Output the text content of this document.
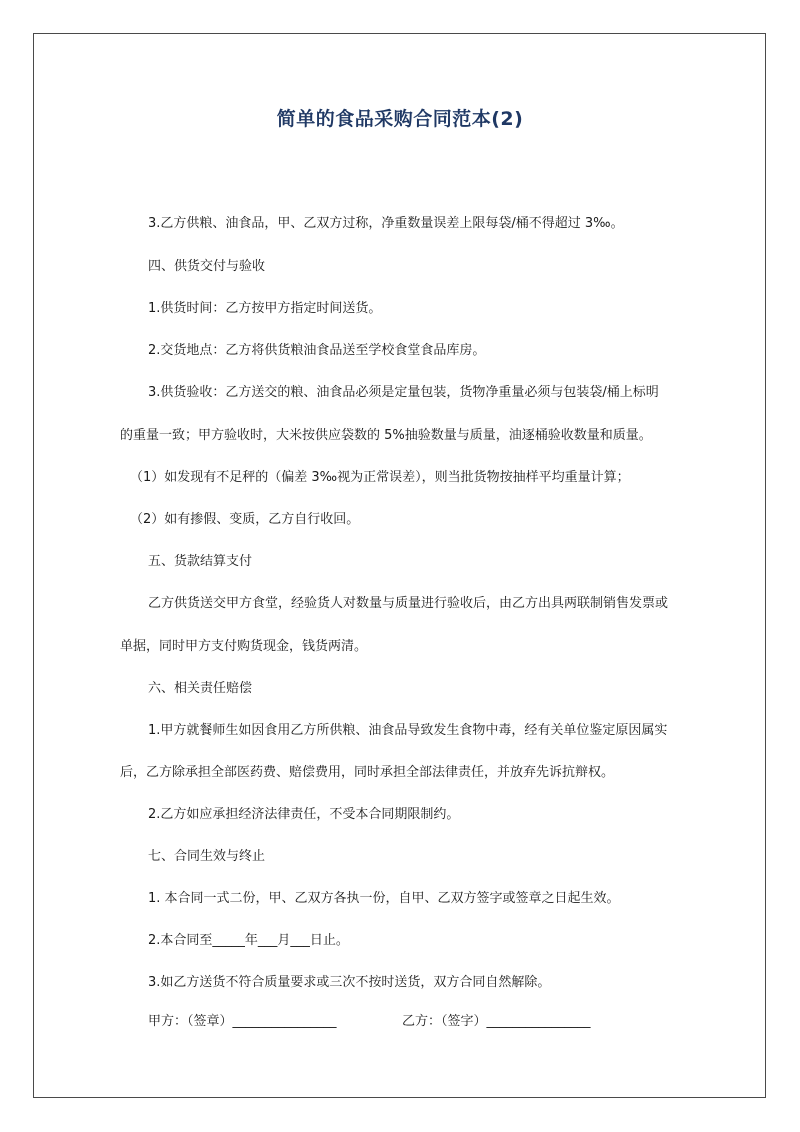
简单的食品采购合同范本(2)
3.乙方供粮、油食品，甲、乙双方过称，净重数量误差上限每袋/桶不得超过 3‰。
四、供货交付与验收
1.供货时间：乙方按甲方指定时间送货。
2.交货地点：乙方将供货粮油食品送至学校食堂食品库房。
3.供货验收：乙方送交的粮、油食品必须是定量包装，货物净重量必须与包装袋/桶上标明
的重量一致；甲方验收时，大米按供应袋数的 5%抽验数量与质量，油逐桶验收数量和质量。
（1）如发现有不足秤的（偏差 3‰视为正常误差），则当批货物按抽样平均重量计算；
（2）如有掺假、变质，乙方自行收回。
五、货款结算支付
乙方供货送交甲方食堂，经验货人对数量与质量进行验收后，由乙方出具两联制销售发票或
单据，同时甲方支付购货现金，钱货两清。
六、相关责任赔偿
1.甲方就餐师生如因食用乙方所供粮、油食品导致发生食物中毒，经有关单位鉴定原因属实
后，乙方除承担全部医药费、赔偿费用，同时承担全部法律责任，并放弃先诉抗辩权。
2.乙方如应承担经济法律责任，不受本合同期限制约。
七、合同生效与终止
1. 本合同一式二份，甲、乙双方各执一份，自甲、乙双方签字或签章之日起生效。
2.本合同至_____年___月___日止。
3.如乙方送货不符合质量要求或三次不按时送货，双方合同自然解除。
甲方：（签章）________________	乙方：（签字）________________
